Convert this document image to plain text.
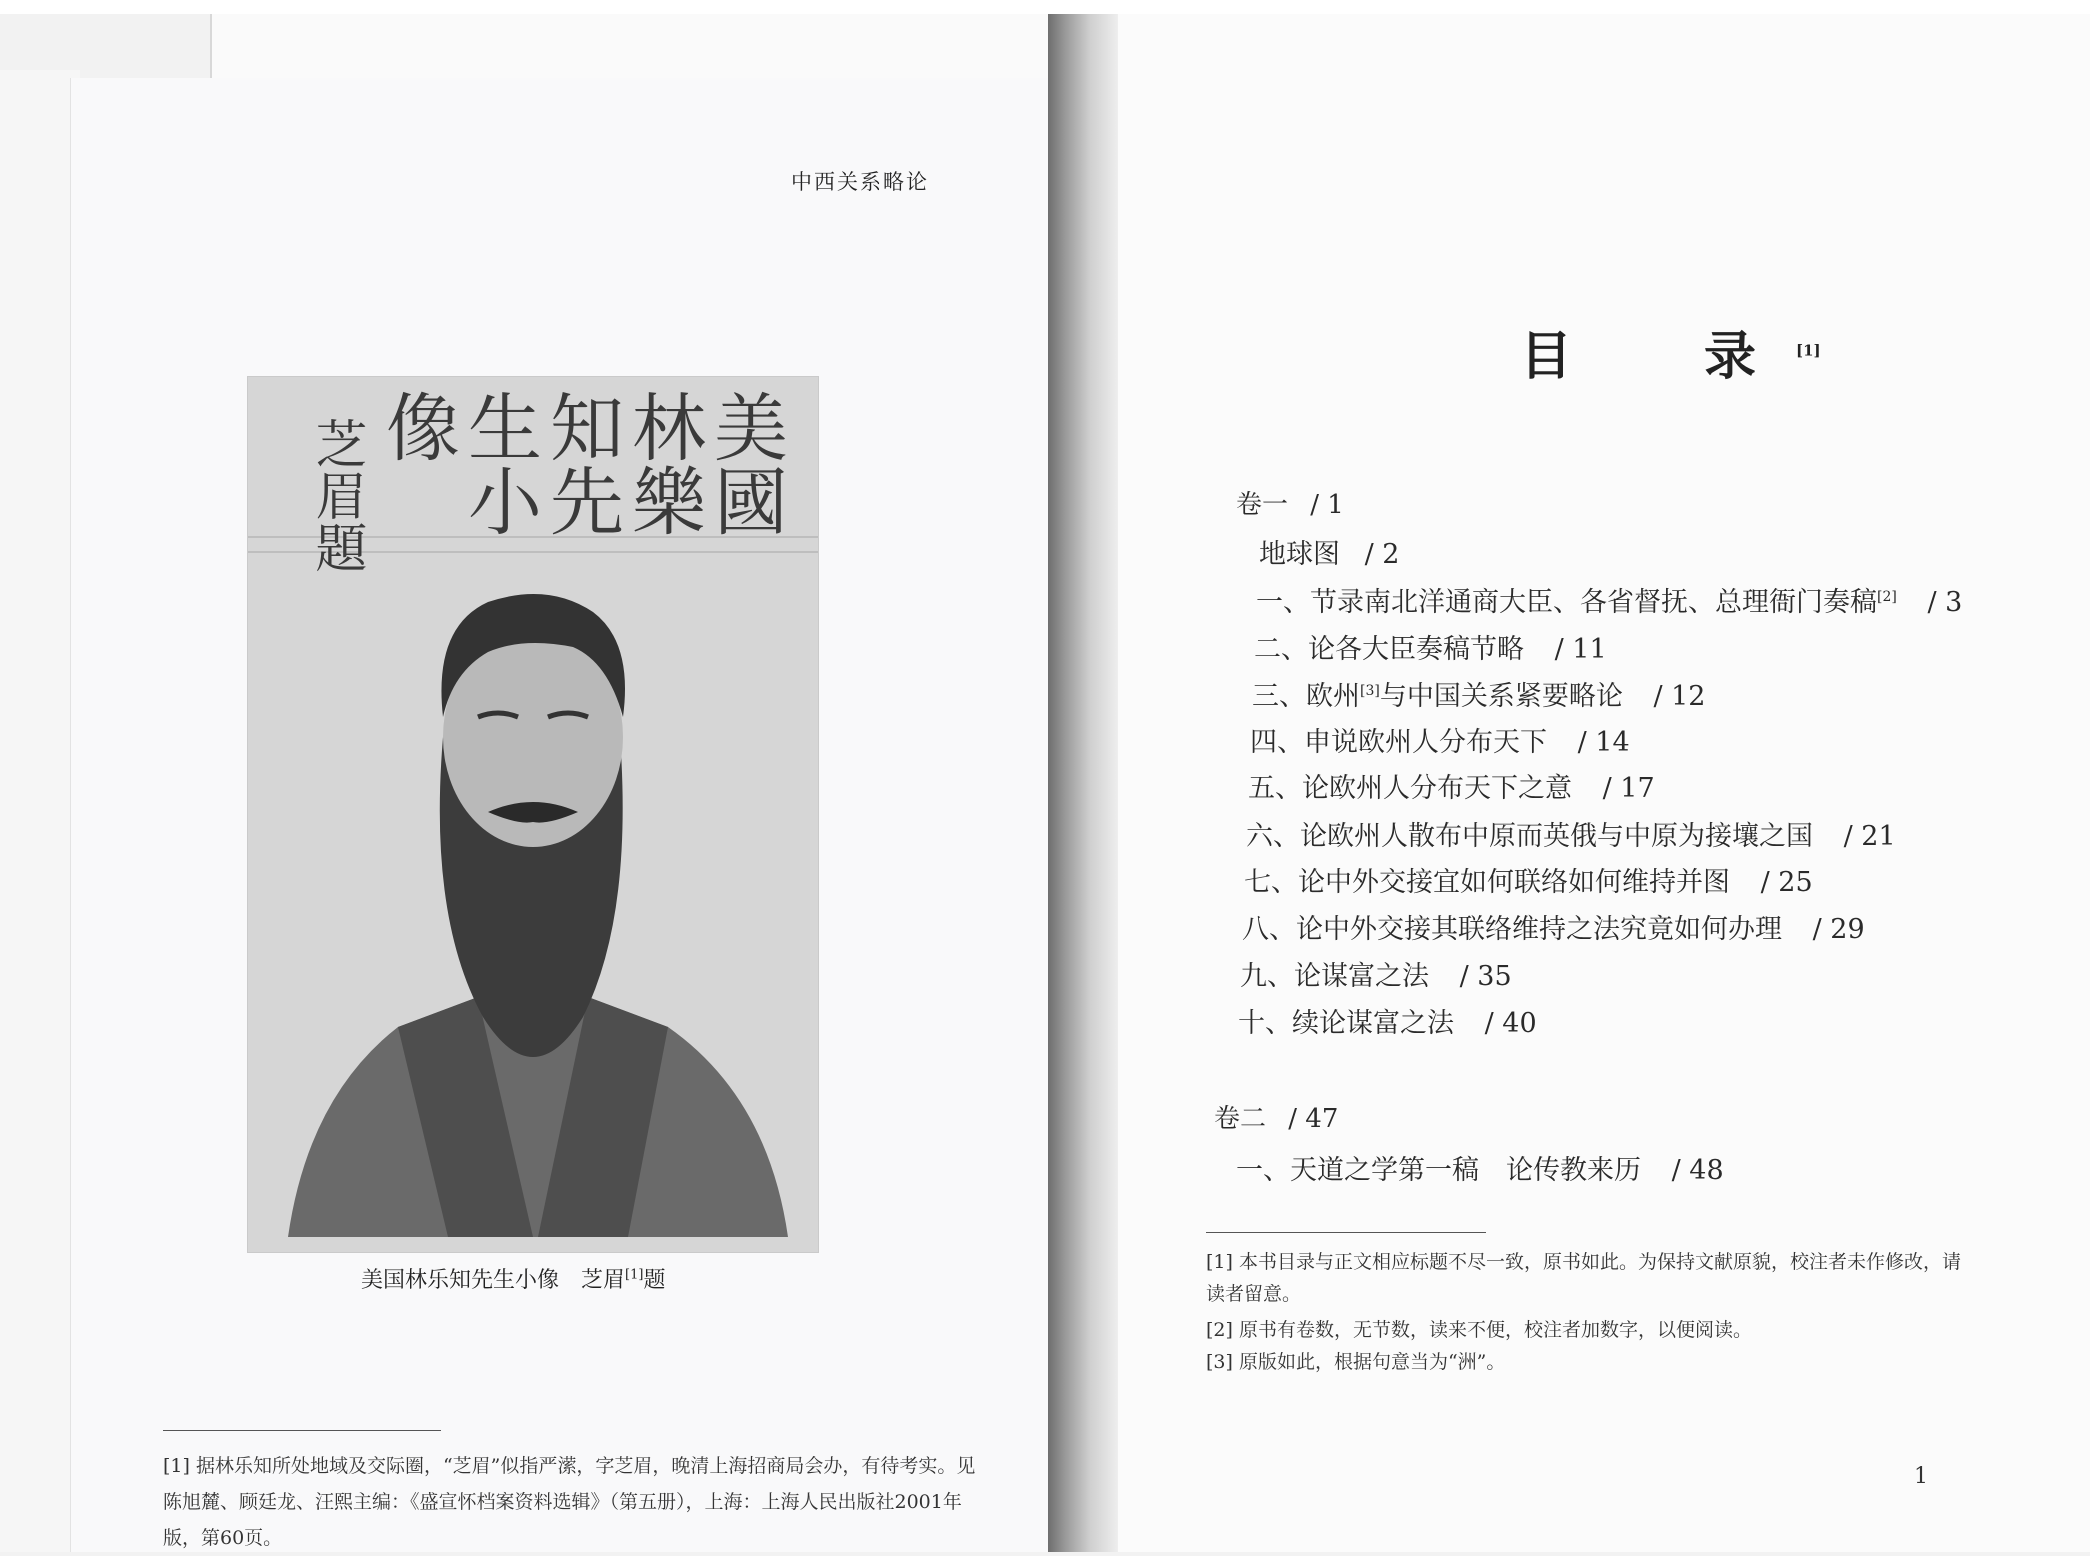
中西关系略论
美國
林樂
知先
生小
像
芝眉題
美国林乐知先生小像　芝眉[1]题
[1] 据林乐知所处地域及交际圈，“芝眉”似指严潆，字芝眉，晚清上海招商局会办，有待考实。见陈旭麓、顾廷龙、汪熙主编：《盛宣怀档案资料选辑》（第五册），上海：上海人民出版社2001年版，第60页。
目　录[1]
卷一 / 1
地球图 / 2
一、节录南北洋通商大臣、各省督抚、总理衙门奏稿[2] / 3
二、论各大臣奏稿节略 / 11
三、欧州[3]与中国关系紧要略论 / 12
四、申说欧州人分布天下 / 14
五、论欧州人分布天下之意 / 17
六、论欧州人散布中原而英俄与中原为接壤之国 / 21
七、论中外交接宜如何联络如何维持并图 / 25
八、论中外交接其联络维持之法究竟如何办理 / 29
九、论谋富之法 / 35
十、续论谋富之法 / 40
卷二 / 47
一、天道之学第一稿　论传教来历 / 48
[1] 本书目录与正文相应标题不尽一致，原书如此。为保持文献原貌，校注者未作修改，请读者留意。
[2] 原书有卷数，无节数，读来不便，校注者加数字，以便阅读。
[3] 原版如此，根据句意当为“洲”。
1
